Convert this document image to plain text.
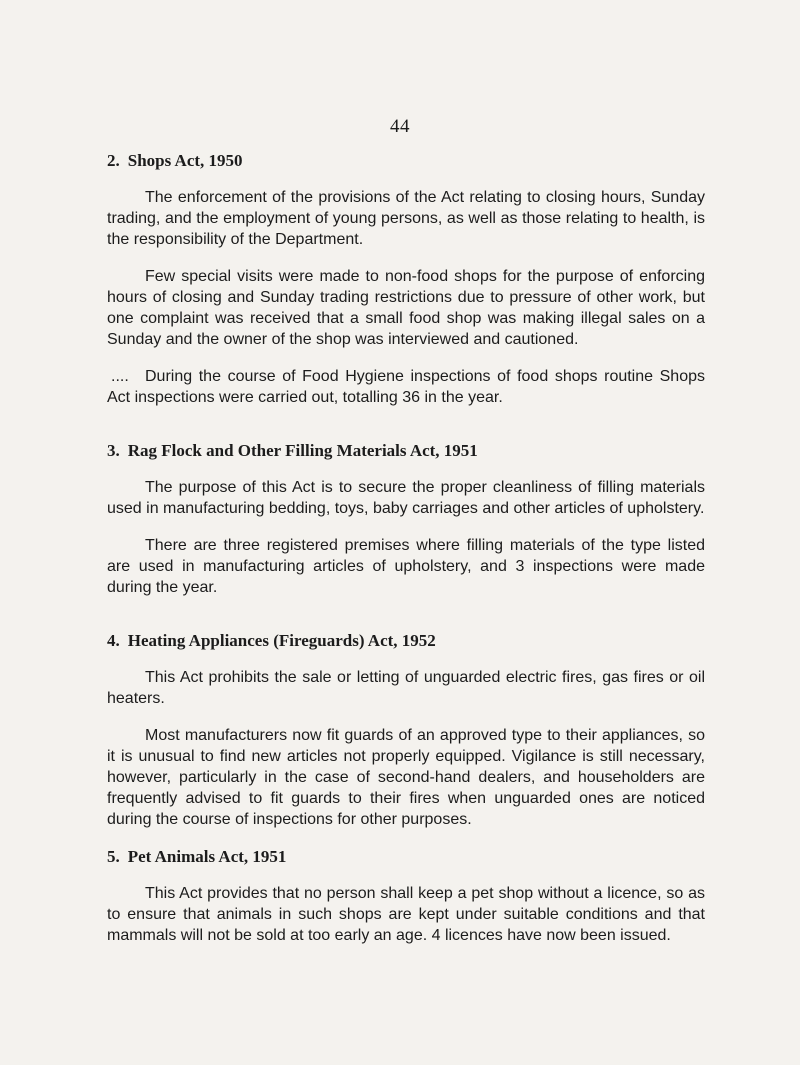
44
2. Shops Act, 1950

The enforcement of the provisions of the Act relating to closing hours, Sunday trading, and the employment of young persons, as well as those relating to health, is the responsibility of the Department.

Few special visits were made to non-food shops for the purpose of enforcing hours of closing and Sunday trading restrictions due to pressure of other work, but one complaint was received that a small food shop was making illegal sales on a Sunday and the owner of the shop was interviewed and cautioned.

.... During the course of Food Hygiene inspections of food shops routine Shops Act inspections were carried out, totalling 36 in the year.

3. Rag Flock and Other Filling Materials Act, 1951

The purpose of this Act is to secure the proper cleanliness of filling materials used in manufacturing bedding, toys, baby carriages and other articles of upholstery.

There are three registered premises where filling materials of the type listed are used in manufacturing articles of upholstery, and 3 inspections were made during the year.

4. Heating Appliances (Fireguards) Act, 1952

This Act prohibits the sale or letting of unguarded electric fires, gas fires or oil heaters.

Most manufacturers now fit guards of an approved type to their appliances, so it is unusual to find new articles not properly equipped. Vigilance is still necessary, however, particularly in the case of second-hand dealers, and householders are frequently advised to fit guards to their fires when unguarded ones are noticed during the course of inspections for other purposes.

5. Pet Animals Act, 1951

This Act provides that no person shall keep a pet shop without a licence, so as to ensure that animals in such shops are kept under suitable conditions and that mammals will not be sold at too early an age. 4 licences have now been issued.
